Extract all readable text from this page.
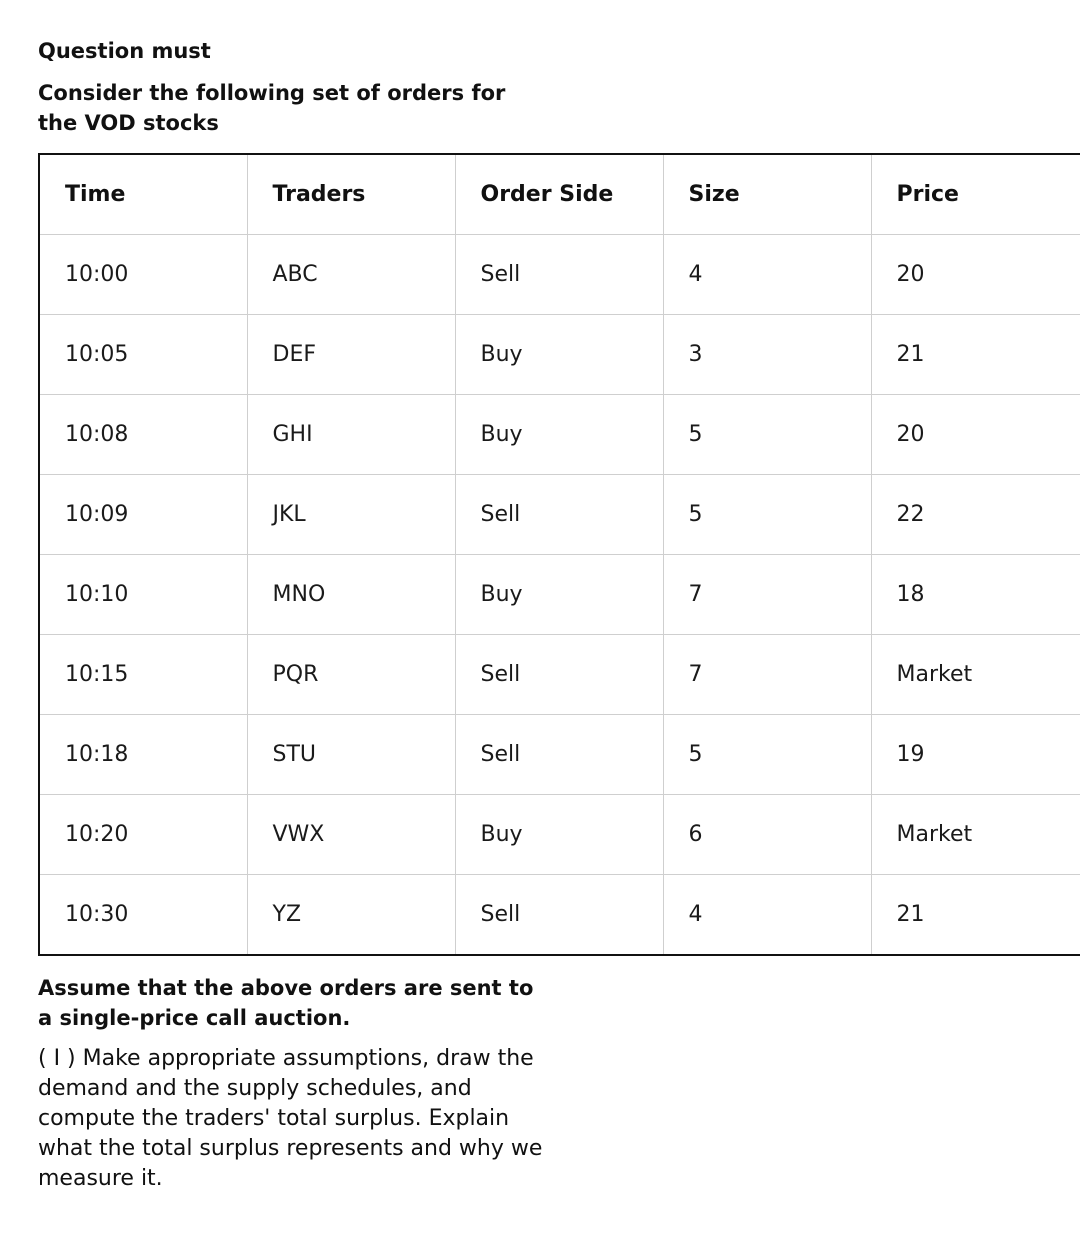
Question must

Consider the following set of orders for the VOD stocks

Time	Traders	Order Side	Size	Price
10:00	ABC	Sell	4	20
10:05	DEF	Buy	3	21
10:08	GHI	Buy	5	20
10:09	JKL	Sell	5	22
10:10	MNO	Buy	7	18
10:15	PQR	Sell	7	Market
10:18	STU	Sell	5	19
10:20	VWX	Buy	6	Market
10:30	YZ	Sell	4	21

Assume that the above orders are sent to a single-price call auction.

( I ) Make appropriate assumptions, draw the demand and the supply schedules, and compute the traders' total surplus. Explain what the total surplus represents and why we measure it.
